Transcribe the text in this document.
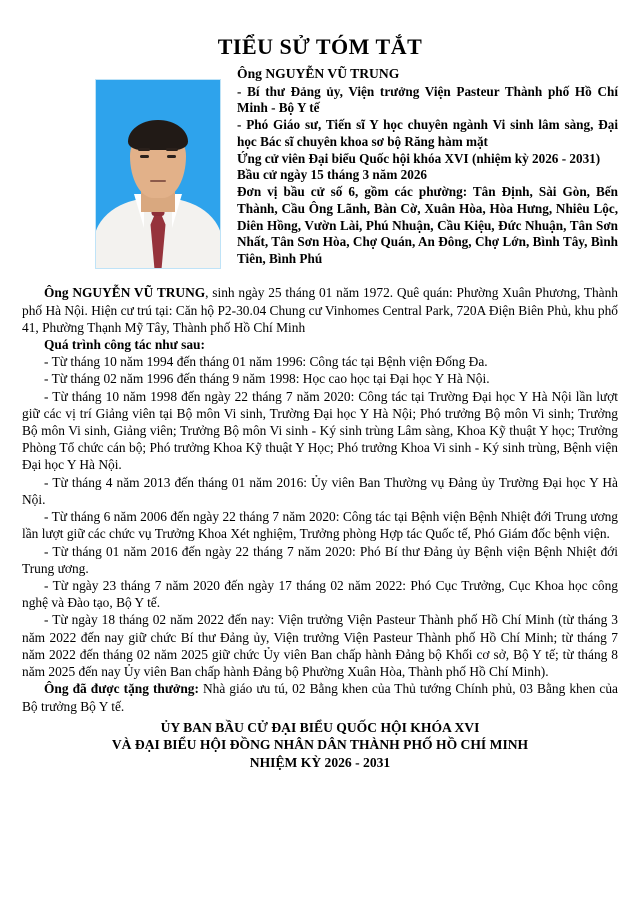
TIỂU SỬ TÓM TẮT
Ông NGUYỄN VŨ TRUNG

- Bí thư Đảng ủy, Viện trưởng Viện Pasteur Thành phố Hồ Chí Minh - Bộ Y tế

- Phó Giáo sư, Tiến sĩ Y học chuyên ngành Vi sinh lâm sàng, Đại học Bác sĩ chuyên khoa sơ bộ Răng hàm mặt

Ứng cử viên Đại biểu Quốc hội khóa XVI (nhiệm kỳ 2026 - 2031)

Bầu cử ngày 15 tháng 3 năm 2026

Đơn vị bầu cử số 6, gồm các phường: Tân Định, Sài Gòn, Bến Thành, Cầu Ông Lãnh, Bàn Cờ, Xuân Hòa, Hòa Hưng, Nhiêu Lộc, Diên Hồng, Vườn Lài, Phú Nhuận, Cầu Kiệu, Đức Nhuận, Tân Sơn Nhất, Tân Sơn Hòa, Chợ Quán, An Đông, Chợ Lớn, Bình Tây, Bình Tiên, Bình Phú

Ông NGUYỄN VŨ TRUNG, sinh ngày 25 tháng 01 năm 1972. Quê quán: Phường Xuân Phương, Thành phố Hà Nội. Hiện cư trú tại: Căn hộ P2-30.04 Chung cư Vinhomes Central Park, 720A Điện Biên Phủ, khu phố 41, Phường Thạnh Mỹ Tây, Thành phố Hồ Chí Minh

Quá trình công tác như sau:

- Từ tháng 10 năm 1994 đến tháng 01 năm 1996: Công tác tại Bệnh viện Đống Đa.

- Từ tháng 02 năm 1996 đến tháng 9 năm 1998: Học cao học tại Đại học Y Hà Nội.

- Từ tháng 10 năm 1998 đến ngày 22 tháng 7 năm 2020: Công tác tại Trường Đại học Y Hà Nội lần lượt giữ các vị trí Giảng viên tại Bộ môn Vi sinh, Trường Đại học Y Hà Nội; Phó trưởng Bộ môn Vi sinh; Trưởng Bộ môn Vi sinh, Giảng viên; Trưởng Bộ môn Vi sinh - Ký sinh trùng Lâm sàng, Khoa Kỹ thuật Y học; Trưởng Phòng Tổ chức cán bộ; Phó trưởng Khoa Kỹ thuật Y Học; Phó trưởng Khoa Vi sinh - Ký sinh trùng, Bệnh viện Đại học Y Hà Nội.

- Từ tháng 4 năm 2013 đến tháng 01 năm 2016: Ủy viên Ban Thường vụ Đảng ủy Trường Đại học Y Hà Nội.

- Từ tháng 6 năm 2006 đến ngày 22 tháng 7 năm 2020: Công tác tại Bệnh viện Bệnh Nhiệt đới Trung ương lần lượt giữ các chức vụ Trưởng Khoa Xét nghiệm, Trưởng phòng Hợp tác Quốc tế, Phó Giám đốc bệnh viện.

- Từ tháng 01 năm 2016 đến ngày 22 tháng 7 năm 2020: Phó Bí thư Đảng ủy Bệnh viện Bệnh Nhiệt đới Trung ương.

- Từ ngày 23 tháng 7 năm 2020 đến ngày 17 tháng 02 năm 2022: Phó Cục Trưởng, Cục Khoa học công nghệ và Đào tạo, Bộ Y tế.

- Từ ngày 18 tháng 02 năm 2022 đến nay: Viện trưởng Viện Pasteur Thành phố Hồ Chí Minh (từ tháng 3 năm 2022 đến nay giữ chức Bí thư Đảng ủy, Viện trưởng Viện Pasteur Thành phố Hồ Chí Minh; từ tháng 7 năm 2022 đến tháng 02 năm 2025 giữ chức Ủy viên Ban chấp hành Đảng bộ Khối cơ sở, Bộ Y tế; từ tháng 8 năm 2025 đến nay Ủy viên Ban chấp hành Đảng bộ Phường Xuân Hòa, Thành phố Hồ Chí Minh).

Ông đã được tặng thưởng: Nhà giáo ưu tú, 02 Bằng khen của Thủ tướng Chính phủ, 03 Bằng khen của Bộ trưởng Bộ Y tế.

ỦY BAN BẦU CỬ ĐẠI BIỂU QUỐC HỘI KHÓA XVI
VÀ ĐẠI BIỂU HỘI ĐỒNG NHÂN DÂN THÀNH PHỐ HỒ CHÍ MINH
NHIỆM KỲ 2026 - 2031
